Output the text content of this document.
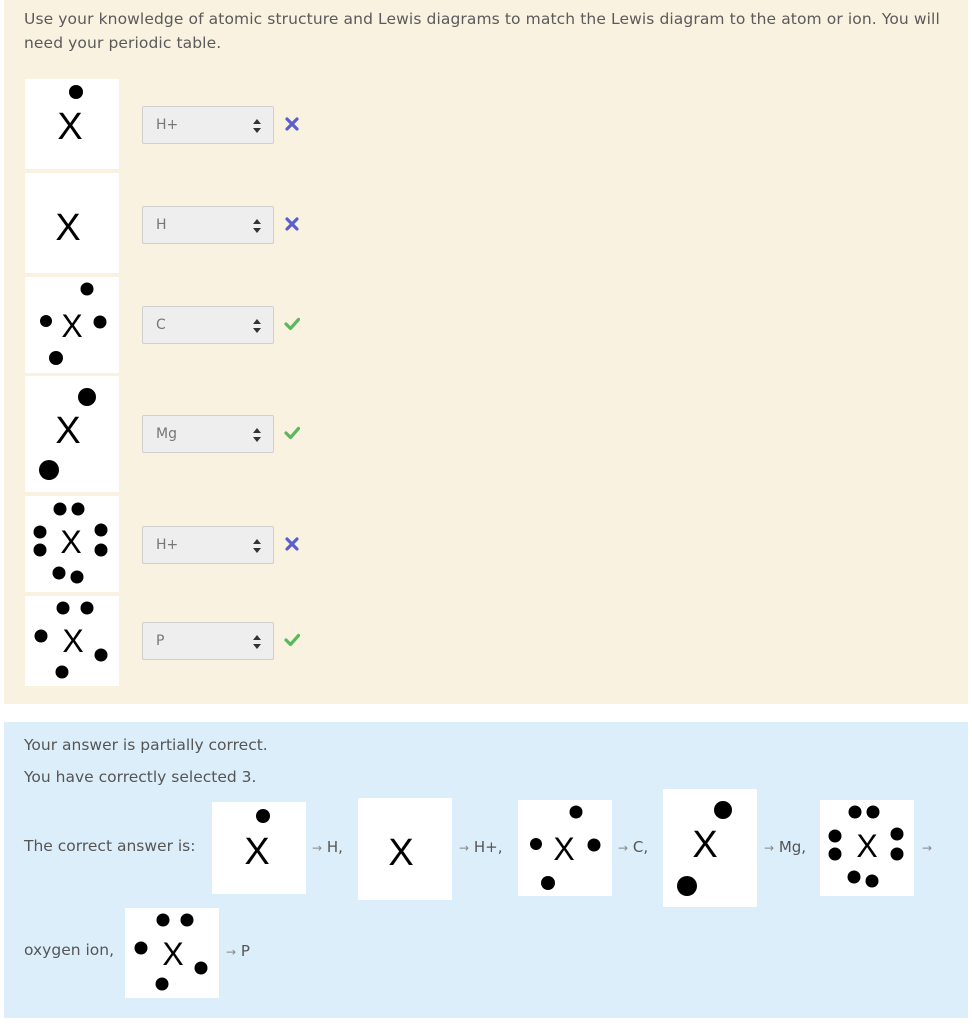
Use your knowledge of atomic structure and Lewis diagrams to match the Lewis diagram to the atom or ion. You will need your periodic table.
X	H+
X	H
X	C
X	Mg
X	H+
X	P
Your answer is partially correct.
You have correctly selected 3.
The correct answer is: X	→ H, X	→ H+, X	→ C, X	→ Mg, X	→
oxygen ion, X	→ P
